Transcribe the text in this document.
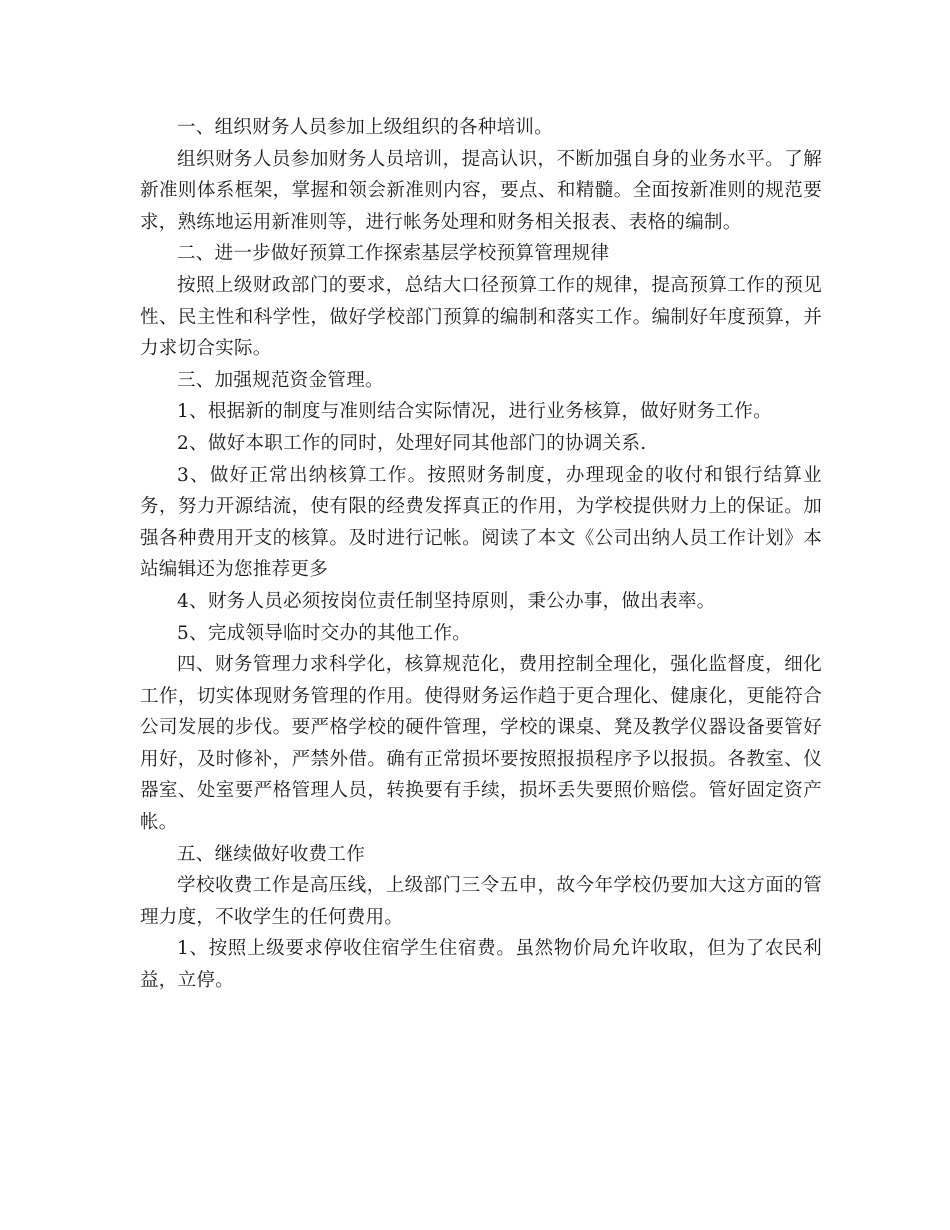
一、组织财务人员参加上级组织的各种培训。

组织财务人员参加财务人员培训，提高认识，不断加强自身的业务水平。了解新准则体系框架，掌握和领会新准则内容，要点、和精髓。全面按新准则的规范要求，熟练地运用新准则等，进行帐务处理和财务相关报表、表格的编制。

二、进一步做好预算工作探索基层学校预算管理规律

按照上级财政部门的要求，总结大口径预算工作的规律，提高预算工作的预见性、民主性和科学性，做好学校部门预算的编制和落实工作。编制好年度预算，并力求切合实际。

三、加强规范资金管理。

1、根据新的制度与准则结合实际情况，进行业务核算，做好财务工作。

2、做好本职工作的同时，处理好同其他部门的协调关系.

3、做好正常出纳核算工作。按照财务制度，办理现金的收付和银行结算业务，努力开源结流，使有限的经费发挥真正的作用，为学校提供财力上的保证。加强各种费用开支的核算。及时进行记帐。阅读了本文《公司出纳人员工作计划》本站编辑还为您推荐更多

4、财务人员必须按岗位责任制坚持原则，秉公办事，做出表率。

5、完成领导临时交办的其他工作。

四、财务管理力求科学化，核算规范化，费用控制全理化，强化监督度，细化工作，切实体现财务管理的作用。使得财务运作趋于更合理化、健康化，更能符合公司发展的步伐。要严格学校的硬件管理，学校的课桌、凳及教学仪器设备要管好用好，及时修补，严禁外借。确有正常损坏要按照报损程序予以报损。各教室、仪器室、处室要严格管理人员，转换要有手续，损坏丢失要照价赔偿。管好固定资产帐。

五、继续做好收费工作

学校收费工作是高压线，上级部门三令五申，故今年学校仍要加大这方面的管理力度，不收学生的任何费用。

1、按照上级要求停收住宿学生住宿费。虽然物价局允许收取，但为了农民利益，立停。
